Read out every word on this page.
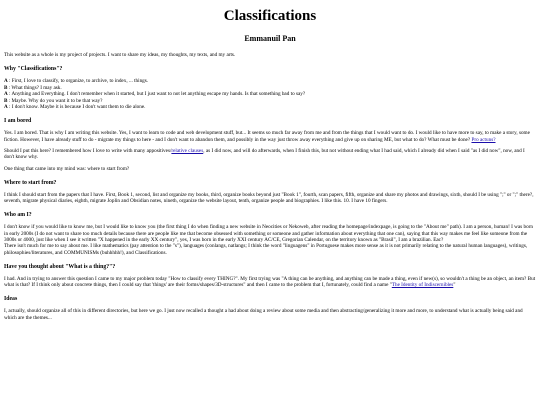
Classifications
Emmanuil Pan

This website as a whole is my project of projects. I want to share my ideas, my thoughts, my texts, and my arts.

Why "Classifications"?
A : First, I love to classify, to organize, to archive, to index, ... things.
B : What things? I may ask.
A : Anything and Everything. I don't remember when it started, but I just want to not let anything escape my hands. Is that something bad to say?
B : Maybe. Why do you want it to be that way?
A : I don't know. Maybe it is because I don't want them to die alone.
I am bored

Yes. I am bored. That is why I am writing this website. Yes, I want to learn to code and web development stuff, but... It seems so much far away from me and from the things that I would want to do. I would like to have more to say, to make a story, some fiction. However, I have already stuff to do - migrate my things to here - and I don't want to abandon them, and possibly in the way just throw away everything and give up on sharing ME, but what to do? What must be done? Pro actuns?

Should I put this here? I remembered how I love to write with many appositives/relative clauses, as I did now, and will do afterwards, when I finish this, but not without ending what I had said, which I already did when I said "as I did now", now, and I don't know why.

One thing that came into my mind was: where to start from?

Where to start from?

I think I should start from the papers that I have. First, Book 1, second, list and organize my books, third, organize books beyond just "Book 1", fourth, scan papers, fifth, organize and share my photos and drawings, sixth, should I be using ";" or ";" there?, seventh, migrate physical diaries, eighth, migrate Joplin and Obsidian notes, nineth, organize the website layout, tenth, organize people and biographies. I like this. 10. I have 10 fingers.

Who am I?

I don't know if you would like to know me, but I would like to know you (the first thing I do when finding a new website in Neocities or Nekoweb, after reading the homepage/indexpage, is going to the "About me" path). I am a person, human! I was born in early 2000s (I do not want to share too much details because there are people like me that become obsessed with something or someone and gather information about everything that one can), saying that this way makes me feel like someone from the 3000s or 4000, just like when I see it written "X happened in the early XX century", yes, I was born in the early XXI century AC/CE, Gregorian Calendar, on the territory known as "Brasil", I am a brazilian. Eac?

There isn't much for me to say about me. I like mathematics (pay attention to the "s"), languages (conlangs, natlangs; I think the word "linguagens" in Portuguese makes more sense as it is not primarily relating to the natural human languages), writings, philosophies/literatures, and COMMUNISMs (buhhhhh!), and Classifications.

Have you thought about "What is a thing?"?

I had. And in trying to answer this question I came to my major problem today "How to classify every THING?". My first trying was "A thing can be anything, and anything can be made a thing, even if new(s), so wouldn't a thing be an object, an item? But what is that? If I think only about concrete things, then I could say that 'things' are their forms/shapes/3D-structures" and then I came to the problem that I, fortunately, could find a name "The Identity of Indiscernibles"

Ideas

I, actually, should organize all of this in different directories, but here we go. I just now recalled a thought a had about doing a review about some media and then abstracting/generalizing it more and more, to understand what is actually being said and which are the themes...
